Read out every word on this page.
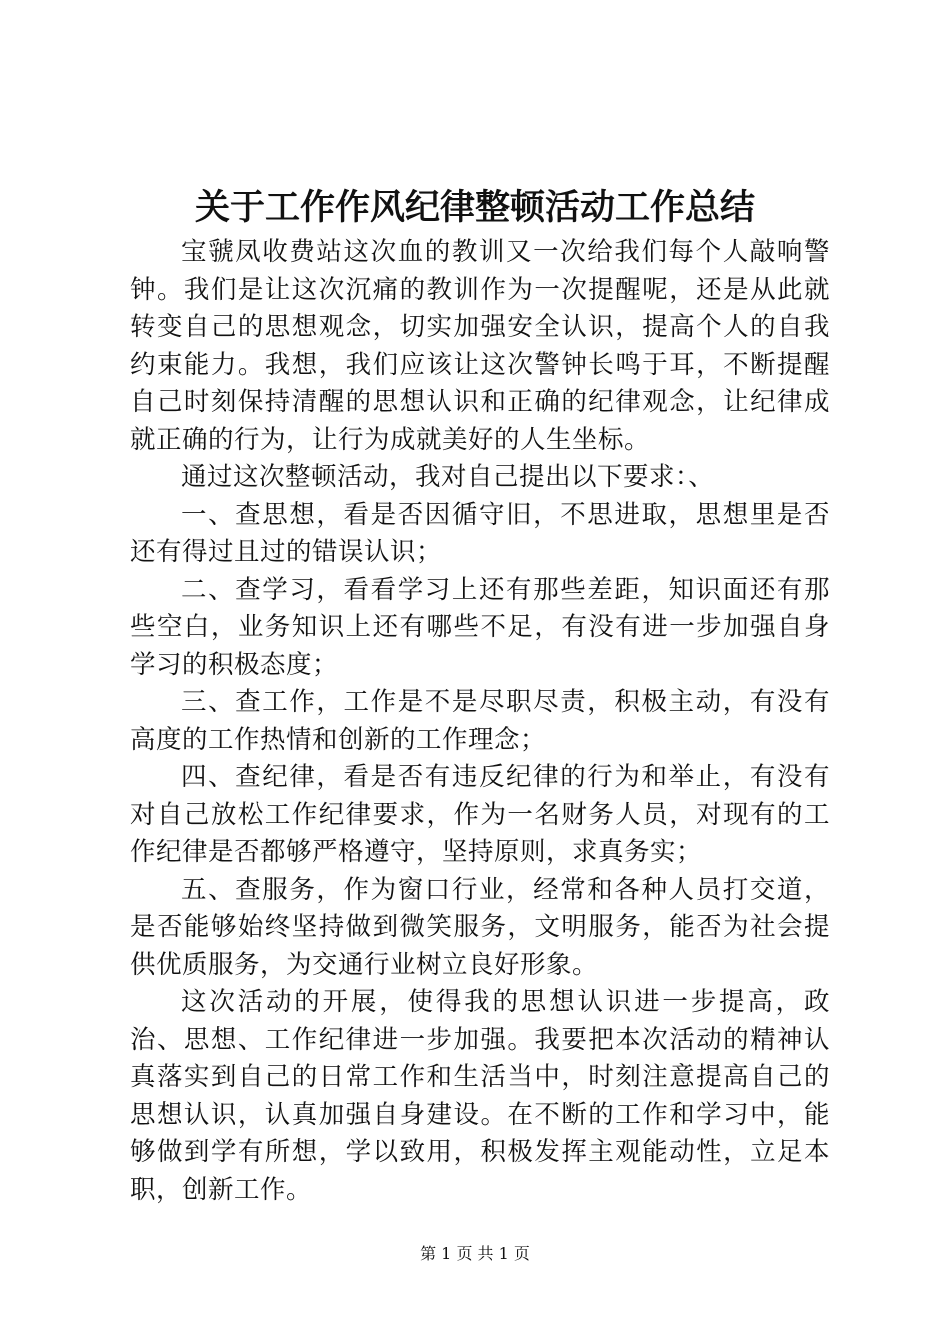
关于工作作风纪律整顿活动工作总结

宝虢凤收费站这次血的教训又一次给我们每个人敲响警钟。我们是让这次沉痛的教训作为一次提醒呢，还是从此就转变自己的思想观念，切实加强安全认识，提高个人的自我约束能力。我想，我们应该让这次警钟长鸣于耳，不断提醒自己时刻保持清醒的思想认识和正确的纪律观念，让纪律成就正确的行为，让行为成就美好的人生坐标。

通过这次整顿活动，我对自己提出以下要求：、

一、查思想，看是否因循守旧，不思进取，思想里是否还有得过且过的错误认识；

二、查学习，看看学习上还有那些差距，知识面还有那些空白，业务知识上还有哪些不足，有没有进一步加强自身学习的积极态度；

三、查工作，工作是不是尽职尽责，积极主动，有没有高度的工作热情和创新的工作理念；

四、查纪律，看是否有违反纪律的行为和举止，有没有对自己放松工作纪律要求，作为一名财务人员，对现有的工作纪律是否都够严格遵守，坚持原则，求真务实；

五、查服务，作为窗口行业，经常和各种人员打交道，是否能够始终坚持做到微笑服务，文明服务，能否为社会提供优质服务，为交通行业树立良好形象。

这次活动的开展，使得我的思想认识进一步提高，政治、思想、工作纪律进一步加强。我要把本次活动的精神认真落实到自己的日常工作和生活当中，时刻注意提高自己的思想认识，认真加强自身建设。在不断的工作和学习中，能够做到学有所想，学以致用，积极发挥主观能动性，立足本职，创新工作。

第 1 页 共 1 页
